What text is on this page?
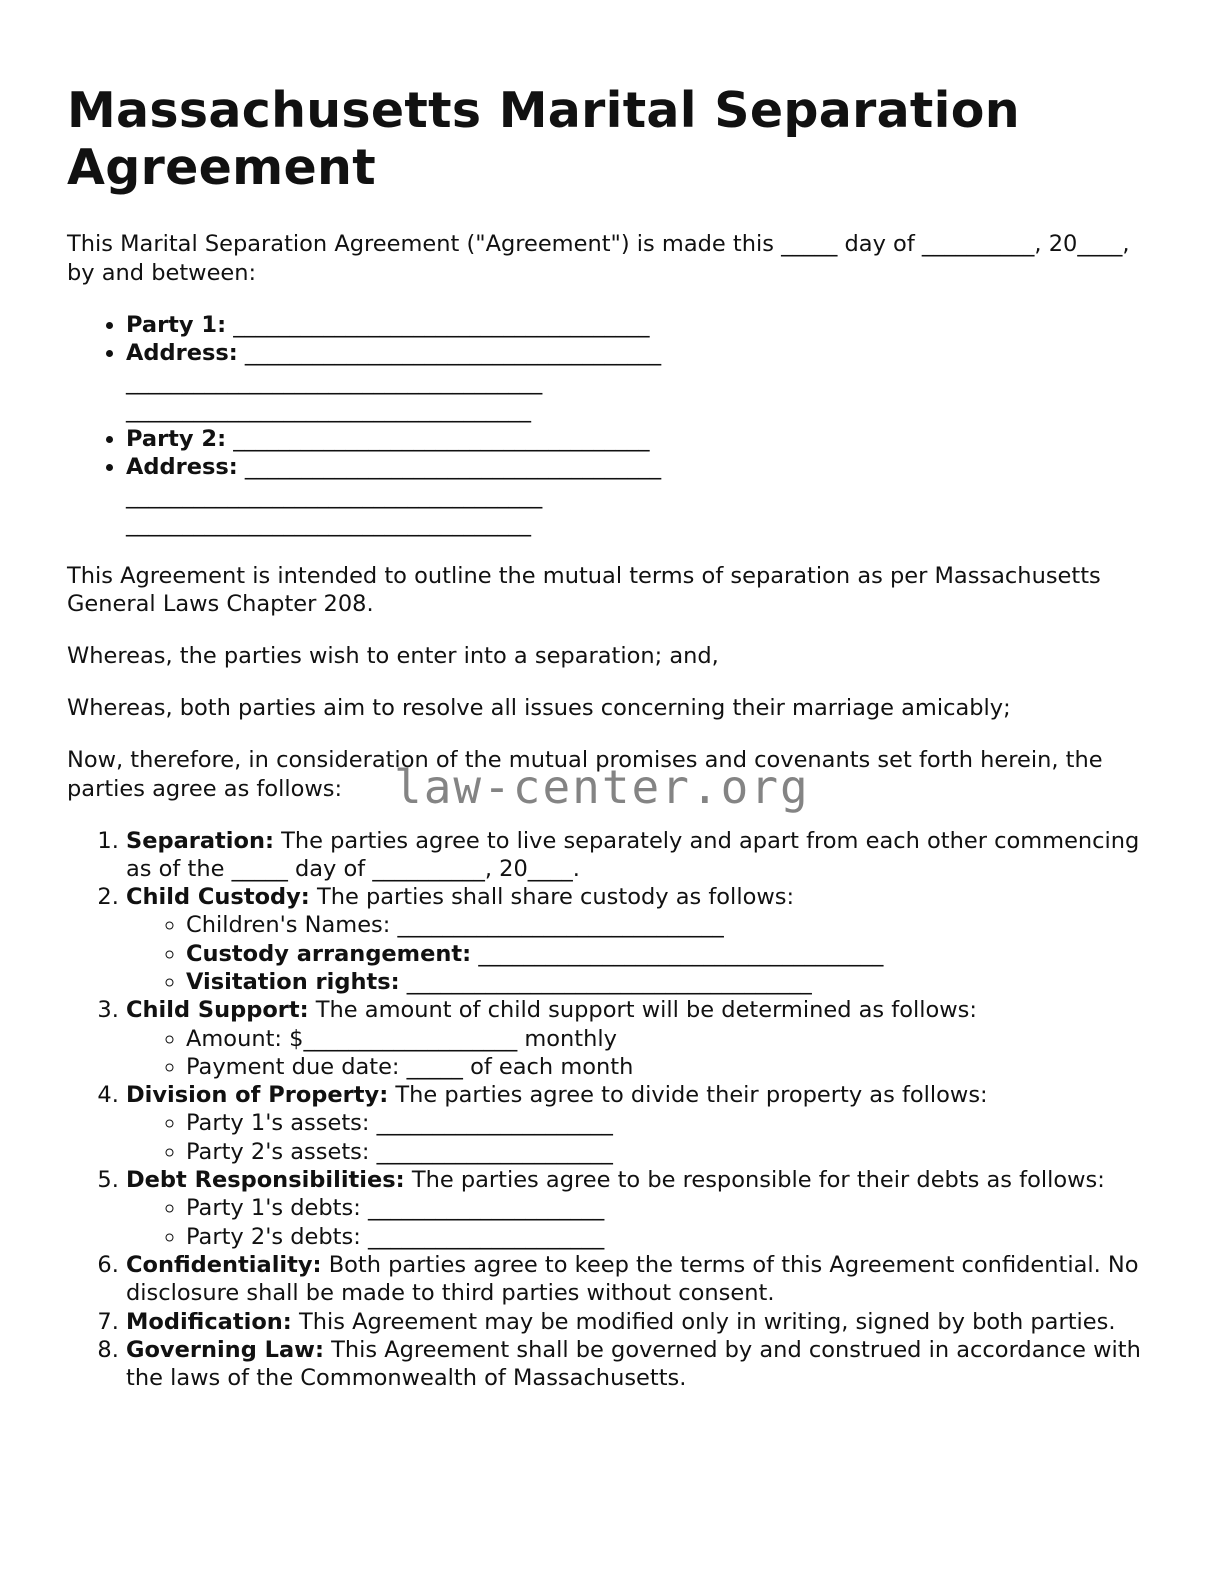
Massachusetts Marital Separation Agreement

This Marital Separation Agreement ("Agreement") is made this _____ day of __________, 20____, by and between:

• Party 1: _____________________________________
• Address: _____________________________________
_____________________________________
____________________________________
• Party 2: _____________________________________
• Address: _____________________________________
_____________________________________
____________________________________

This Agreement is intended to outline the mutual terms of separation as per Massachusetts General Laws Chapter 208.

Whereas, the parties wish to enter into a separation; and,

Whereas, both parties aim to resolve all issues concerning their marriage amicably;

Now, therefore, in consideration of the mutual promises and covenants set forth herein, the parties agree as follows:

1. Separation: The parties agree to live separately and apart from each other commencing as of the _____ day of __________, 20____.
2. Child Custody: The parties shall share custody as follows:
◦ Children's Names: _____________________________
◦ Custody arrangement: ____________________________________
◦ Visitation rights: ____________________________________
3. Child Support: The amount of child support will be determined as follows:
◦ Amount: $___________________ monthly
◦ Payment due date: _____ of each month
4. Division of Property: The parties agree to divide their property as follows:
◦ Party 1's assets: _____________________
◦ Party 2's assets: _____________________
5. Debt Responsibilities: The parties agree to be responsible for their debts as follows:
◦ Party 1's debts: _____________________
◦ Party 2's debts: _____________________
6. Confidentiality: Both parties agree to keep the terms of this Agreement confidential. No disclosure shall be made to third parties without consent.
7. Modification: This Agreement may be modified only in writing, signed by both parties.
8. Governing Law: This Agreement shall be governed by and construed in accordance with the laws of the Commonwealth of Massachusetts.
law-center.org
